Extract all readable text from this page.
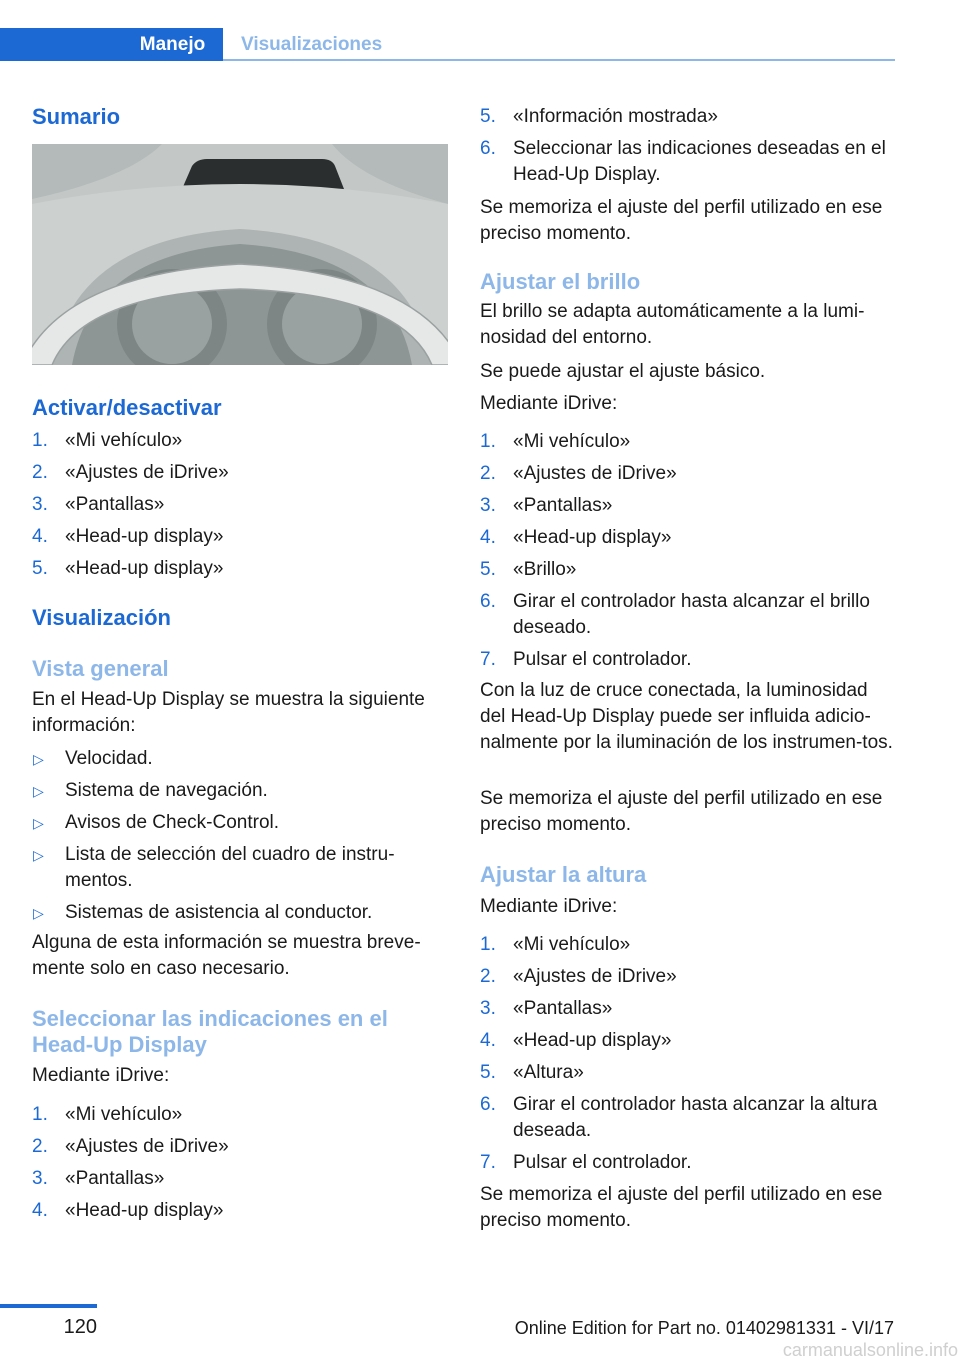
Manejo	Visualizaciones
Sumario
Activar/desactivar
1. «Mi vehículo»
2. «Ajustes de iDrive»
3. «Pantallas»
4. «Head-up display»
5. «Head-up display»
Visualización
Vista general

En el Head-Up Display se muestra la siguiente información:

▷ Velocidad.
▷ Sistema de navegación.
▷ Avisos de Check-Control.
▷ Lista de selección del cuadro de instru-mentos.
▷ Sistemas de asistencia al conductor.

Alguna de esta información se muestra breve-mente solo en caso necesario.

Seleccionar las indicaciones en el Head-Up Display

Mediante iDrive:

1. «Mi vehículo»
2. «Ajustes de iDrive»
3. «Pantallas»
4. «Head-up display»
5. «Información mostrada»
6. Seleccionar las indicaciones deseadas en el Head-Up Display.

Se memoriza el ajuste del perfil utilizado en ese preciso momento.

Ajustar el brillo

El brillo se adapta automáticamente a la lumi-nosidad del entorno.

Se puede ajustar el ajuste básico.

Mediante iDrive:

1. «Mi vehículo»
2. «Ajustes de iDrive»
3. «Pantallas»
4. «Head-up display»
5. «Brillo»
6. Girar el controlador hasta alcanzar el brillo deseado.
7. Pulsar el controlador.

Con la luz de cruce conectada, la luminosidad del Head-Up Display puede ser influida adicio-nalmente por la iluminación de los instrumen-tos.

Se memoriza el ajuste del perfil utilizado en ese preciso momento.

Ajustar la altura

Mediante iDrive:

1. «Mi vehículo»
2. «Ajustes de iDrive»
3. «Pantallas»
4. «Head-up display»
5. «Altura»
6. Girar el controlador hasta alcanzar la altura deseada.
7. Pulsar el controlador.

Se memoriza el ajuste del perfil utilizado en ese preciso momento.

120	Online Edition for Part no. 01402981331 - VI/17
carmanualsonline.info
